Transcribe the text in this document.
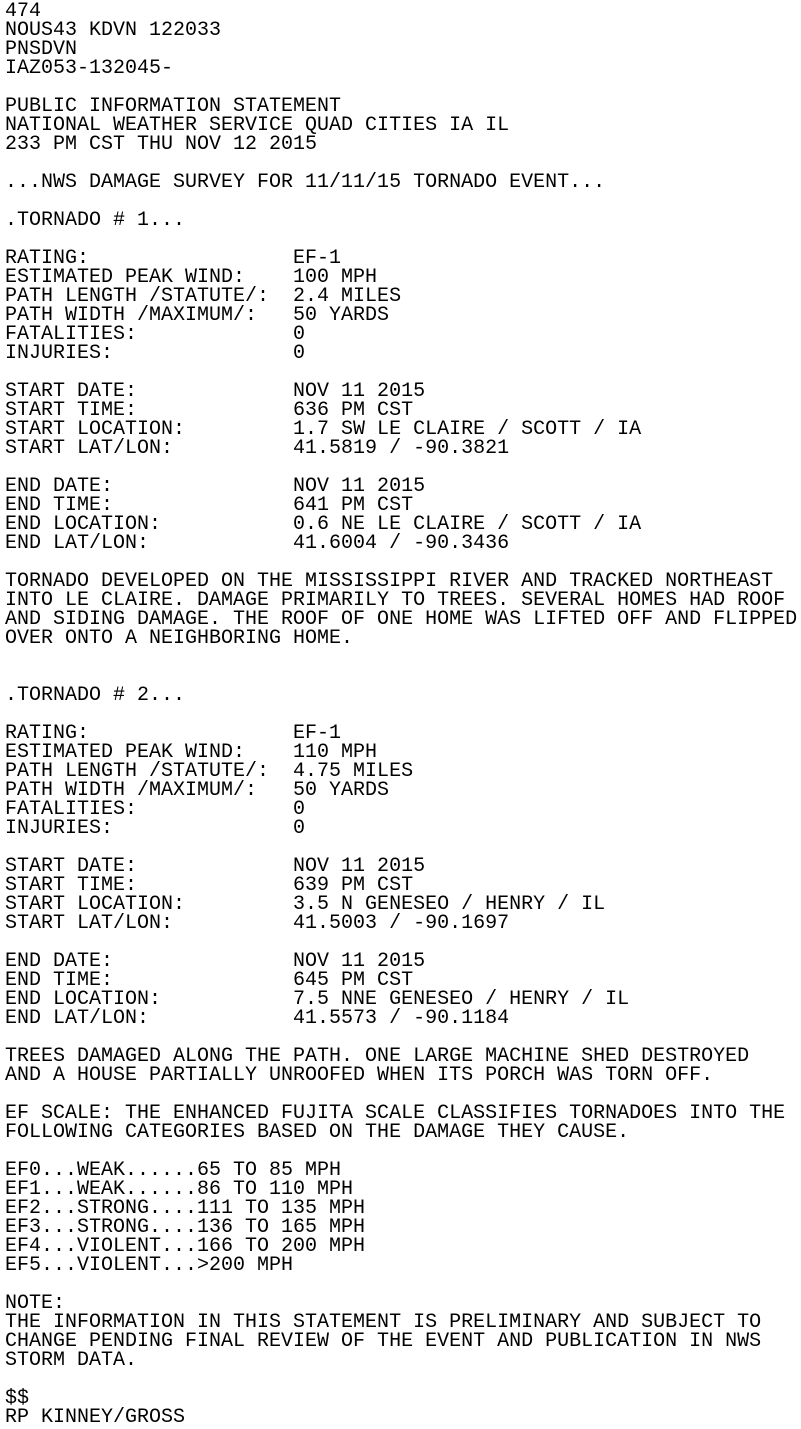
474
NOUS43 KDVN 122033
PNSDVN
IAZ053-132045-
PUBLIC INFORMATION STATEMENT
NATIONAL WEATHER SERVICE QUAD CITIES IA IL
233 PM CST THU NOV 12 2015
...NWS DAMAGE SURVEY FOR 11/11/15 TORNADO EVENT...
.TORNADO # 1...
RATING:                 EF-1
ESTIMATED PEAK WIND:    100 MPH
PATH LENGTH /STATUTE/:  2.4 MILES
PATH WIDTH /MAXIMUM/:   50 YARDS
FATALITIES:             0
INJURIES:               0
START DATE:             NOV 11 2015
START TIME:             636 PM CST
START LOCATION:         1.7 SW LE CLAIRE / SCOTT / IA
START LAT/LON:          41.5819 / -90.3821
END DATE:               NOV 11 2015
END TIME:               641 PM CST
END LOCATION:           0.6 NE LE CLAIRE / SCOTT / IA
END LAT/LON:            41.6004 / -90.3436
TORNADO DEVELOPED ON THE MISSISSIPPI RIVER AND TRACKED NORTHEAST
INTO LE CLAIRE. DAMAGE PRIMARILY TO TREES. SEVERAL HOMES HAD ROOF
AND SIDING DAMAGE. THE ROOF OF ONE HOME WAS LIFTED OFF AND FLIPPED
OVER ONTO A NEIGHBORING HOME.
.TORNADO # 2...
RATING:                 EF-1
ESTIMATED PEAK WIND:    110 MPH
PATH LENGTH /STATUTE/:  4.75 MILES
PATH WIDTH /MAXIMUM/:   50 YARDS
FATALITIES:             0
INJURIES:               0
START DATE:             NOV 11 2015
START TIME:             639 PM CST
START LOCATION:         3.5 N GENESEO / HENRY / IL
START LAT/LON:          41.5003 / -90.1697
END DATE:               NOV 11 2015
END TIME:               645 PM CST
END LOCATION:           7.5 NNE GENESEO / HENRY / IL
END LAT/LON:            41.5573 / -90.1184
TREES DAMAGED ALONG THE PATH. ONE LARGE MACHINE SHED DESTROYED
AND A HOUSE PARTIALLY UNROOFED WHEN ITS PORCH WAS TORN OFF.
EF SCALE: THE ENHANCED FUJITA SCALE CLASSIFIES TORNADOES INTO THE
FOLLOWING CATEGORIES BASED ON THE DAMAGE THEY CAUSE.
EF0...WEAK......65 TO 85 MPH
EF1...WEAK......86 TO 110 MPH
EF2...STRONG....111 TO 135 MPH
EF3...STRONG....136 TO 165 MPH
EF4...VIOLENT...166 TO 200 MPH
EF5...VIOLENT...>200 MPH
NOTE:
THE INFORMATION IN THIS STATEMENT IS PRELIMINARY AND SUBJECT TO
CHANGE PENDING FINAL REVIEW OF THE EVENT AND PUBLICATION IN NWS
STORM DATA.
$$
RP KINNEY/GROSS
